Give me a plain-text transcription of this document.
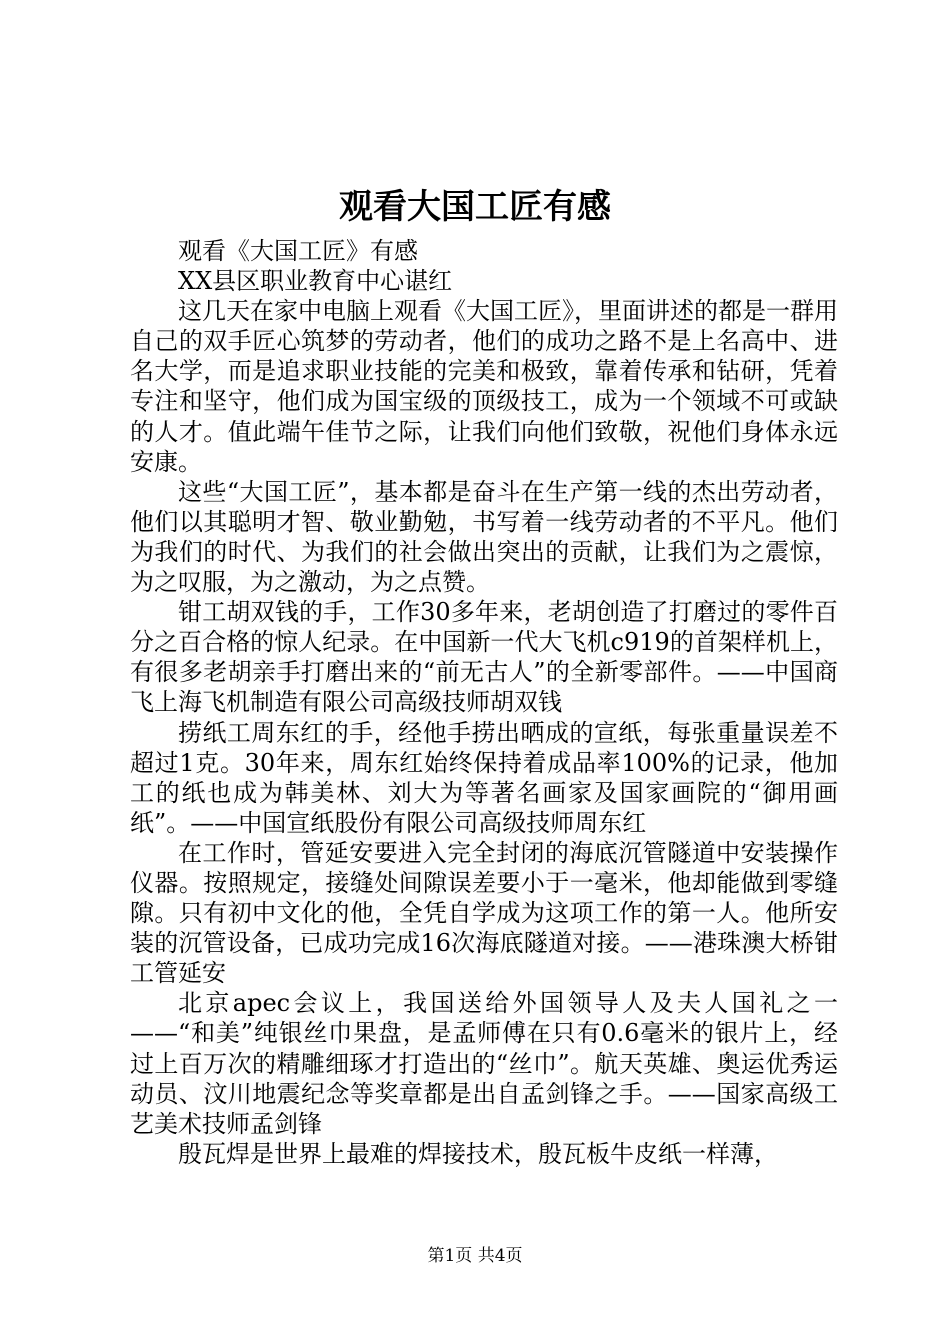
观看大国工匠有感

观看《大国工匠》有感

XX县区职业教育中心谌红

这几天在家中电脑上观看《大国工匠》，里面讲述的都是一群用自己的双手匠心筑梦的劳动者，他们的成功之路不是上名高中、进名大学，而是追求职业技能的完美和极致，靠着传承和钻研，凭着专注和坚守，他们成为国宝级的顶级技工，成为一个领域不可或缺的人才。值此端午佳节之际，让我们向他们致敬，祝他们身体永远安康。

这些“大国工匠”，基本都是奋斗在生产第一线的杰出劳动者，他们以其聪明才智、敬业勤勉，书写着一线劳动者的不平凡。他们为我们的时代、为我们的社会做出突出的贡献，让我们为之震惊，为之叹服，为之激动，为之点赞。

钳工胡双钱的手，工作30多年来，老胡创造了打磨过的零件百分之百合格的惊人纪录。在中国新一代大飞机c919的首架样机上，有很多老胡亲手打磨出来的“前无古人”的全新零部件。——中国商飞上海飞机制造有限公司高级技师胡双钱

捞纸工周东红的手，经他手捞出晒成的宣纸，每张重量误差不超过1克。30年来，周东红始终保持着成品率100%的记录，他加工的纸也成为韩美林、刘大为等著名画家及国家画院的“御用画纸”。——中国宣纸股份有限公司高级技师周东红

在工作时，管延安要进入完全封闭的海底沉管隧道中安装操作仪器。按照规定，接缝处间隙误差要小于一毫米，他却能做到零缝隙。只有初中文化的他，全凭自学成为这项工作的第一人。他所安装的沉管设备，已成功完成16次海底隧道对接。——港珠澳大桥钳工管延安

北京apec会议上，我国送给外国领导人及夫人国礼之一——“和美”纯银丝巾果盘，是孟师傅在只有0.6毫米的银片上，经过上百万次的精雕细琢才打造出的“丝巾”。航天英雄、奥运优秀运动员、汶川地震纪念等奖章都是出自孟剑锋之手。——国家高级工艺美术技师孟剑锋

殷瓦焊是世界上最难的焊接技术，殷瓦板牛皮纸一样薄，

第1页 共4页
